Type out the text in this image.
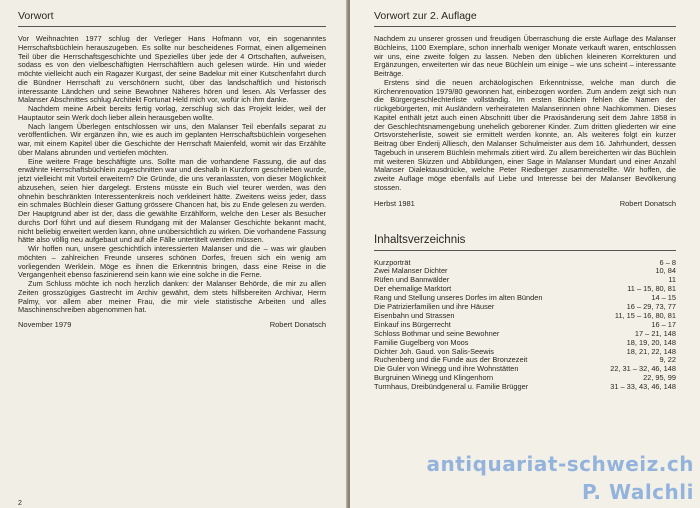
Vorwort

Vor Weihnachten 1977 schlug der Verleger Hans Hofmann vor, ein sogenanntes Herrschaftsbüchlein herauszugeben. Es sollte nur bescheidenes Format, einen allgemeinen Teil über die Herrschaftsgeschichte und Spezielles über jede der 4 Ortschaften, aufweisen, sodass es von den vielbeschäftigten Herrschäftlern auch gelesen würde. Hin und wieder möchte vielleicht auch ein Ragazer Kurgast, der seine Badekur mit einer Kutschenfahrt durch die Bündner Herrschaft zu verschönern sucht, über das landschaftlich und historisch interessante Ländchen und seine Bewohner Näheres hören und lesen. Als Verfasser des Malanser Abschnittes schlug Architekt Fortunat Held mich vor, wofür ich ihm danke.

Nachdem meine Arbeit bereits fertig vorlag, zerschlug sich das Projekt leider, weil der Hauptautor sein Werk doch lieber allein herausgeben wollte.

Nach langem Überlegen entschlossen wir uns, den Malanser Teil ebenfalls separat zu veröffentlichen. Wir ergänzen ihn, wie es auch im geplanten Herrschaftsbüchlein vorgesehen war, mit einem Kapitel über die Geschichte der Herrschaft Maienfeld, womit wir das Erzählte über Malans abrunden und vertiefen möchten.

Eine weitere Frage beschäftigte uns. Sollte man die vorhandene Fassung, die auf das erwähnte Herrschaftsbüchlein zugeschnitten war und deshalb in Kurzform geschrieben wurde, jetzt vielleicht mit Vorteil erweitern? Die Gründe, die uns veranlassten, von dieser Möglichkeit abzusehen, seien hier dargelegt. Erstens müsste ein Buch viel teurer werden, was den ohnehin beschränkten Interessentenkreis noch verkleinert hätte. Zweitens weiss jeder, dass ein schmales Büchlein dieser Gattung grössere Chancen hat, bis zu Ende gelesen zu werden. Der Hauptgrund aber ist der, dass die gewählte Erzählform, welche den Leser als Besucher durchs Dorf führt und auf diesem Rundgang mit der Malanser Geschichte bekannt macht, nicht beliebig erweitert werden kann, ohne unübersichtlich zu wirken. Die vorhandene Fassung hätte also völlig neu aufgebaut und auf alle Fälle untertitelt werden müssen.

Wir hoffen nun, unsere geschichtlich interessierten Malanser und die – was wir glauben möchten – zahlreichen Freunde unseres schönen Dorfes, freuen sich ein wenig am vorliegenden Werklein. Möge es ihnen die Erkenntnis bringen, dass eine Reise in die Vergangenheit ebenso faszinierend sein kann wie eine solche in die Ferne.

Zum Schluss möchte ich noch herzlich danken: der Malanser Behörde, die mir zu allen Zeiten grosszügiges Gastrecht im Archiv gewährt, dem stets hilfsbereiten Archivar, Herrn Palmy, vor allem aber meiner Frau, die mir viele statistische Arbeiten und alles Maschinenschreiben abgenommen hat.

November 1979	Robert Donatsch
2
Vorwort zur 2. Auflage

Nachdem zu unserer grossen und freudigen Überraschung die erste Auflage des Malanser Büchleins, 1100 Exemplare, schon innerhalb weniger Monate verkauft waren, entschlossen wir uns, eine zweite folgen zu lassen. Neben den üblichen kleineren Korrekturen und Ergänzungen, erweiterten wir das neue Büchlein um einige – wie uns scheint – interessante Beiträge.

Erstens sind die neuen archäologischen Erkenntnisse, welche man durch die Kirchenrenovation 1979/80 gewonnen hat, einbezogen worden. Zum andern zeigt sich nun die Bürgergeschlechterliste vollständig. Im ersten Büchlein fehlen die Namen der rückgebürgerten, mit Ausländern verheirateten Malanserinnen ohne Nachkommen. Dieses Kapitel enthält jetzt auch einen Abschnitt über die Praxisänderung seit dem Jahre 1858 in der Geschlechtsnamengebung unehelich geborener Kinder. Zum dritten gliederten wir eine Ortsvorsteherliste, soweit sie ermittelt werden konnte, an. Als weiteres folgt ein kurzer Beitrag über Enderij Alliesch, den Malanser Schulmeister aus dem 16. Jahrhundert, dessen Tagebuch in unserem Büchlein mehrmals zitiert wird. Zu allem bereicherten wir das Büchlein mit weiteren Skizzen und Abbildungen, einer Sage in Malanser Mundart und einer Anzahl Malanser Dialektausdrücke, welche Peter Riedberger zusammenstellte. Wir hoffen, die zweite Auflage möge ebenfalls auf Liebe und Interesse bei der Malanser Bevölkerung stossen.

Herbst 1981	Robert Donatsch
Inhaltsverzeichnis
Kurzporträt	6 – 8
Zwei Malanser Dichter	10, 84
Rüfen und Bannwälder	11
Der ehemalige Marktort	11 – 15, 80, 81
Rang und Stellung unseres Dorfes im alten Bünden	14 – 15
Die Patrizierfamilien und ihre Häuser	16 – 29, 73, 77
Eisenbahn und Strassen	11, 15 – 16, 80, 81
Einkauf ins Bürgerrecht	16 – 17
Schloss Bothmar und seine Bewohner	17 – 21, 148
Familie Gugelberg von Moos	18, 19, 20, 148
Dichter Joh. Gaud. von Salis-Seewis	18, 21, 22, 148
Ruchenberg und die Funde aus der Bronzezeit	9, 22
Die Guler von Winegg und ihre Wohnstätten	22, 31 – 32, 46, 148
Burgruinen Winegg und Klingenhorn	22, 95, 99
Turmhaus, Dreibündgeneral u. Familie Brügger	31 – 33, 43, 46, 148
antiquariat-schweiz.ch
P. Walchli
